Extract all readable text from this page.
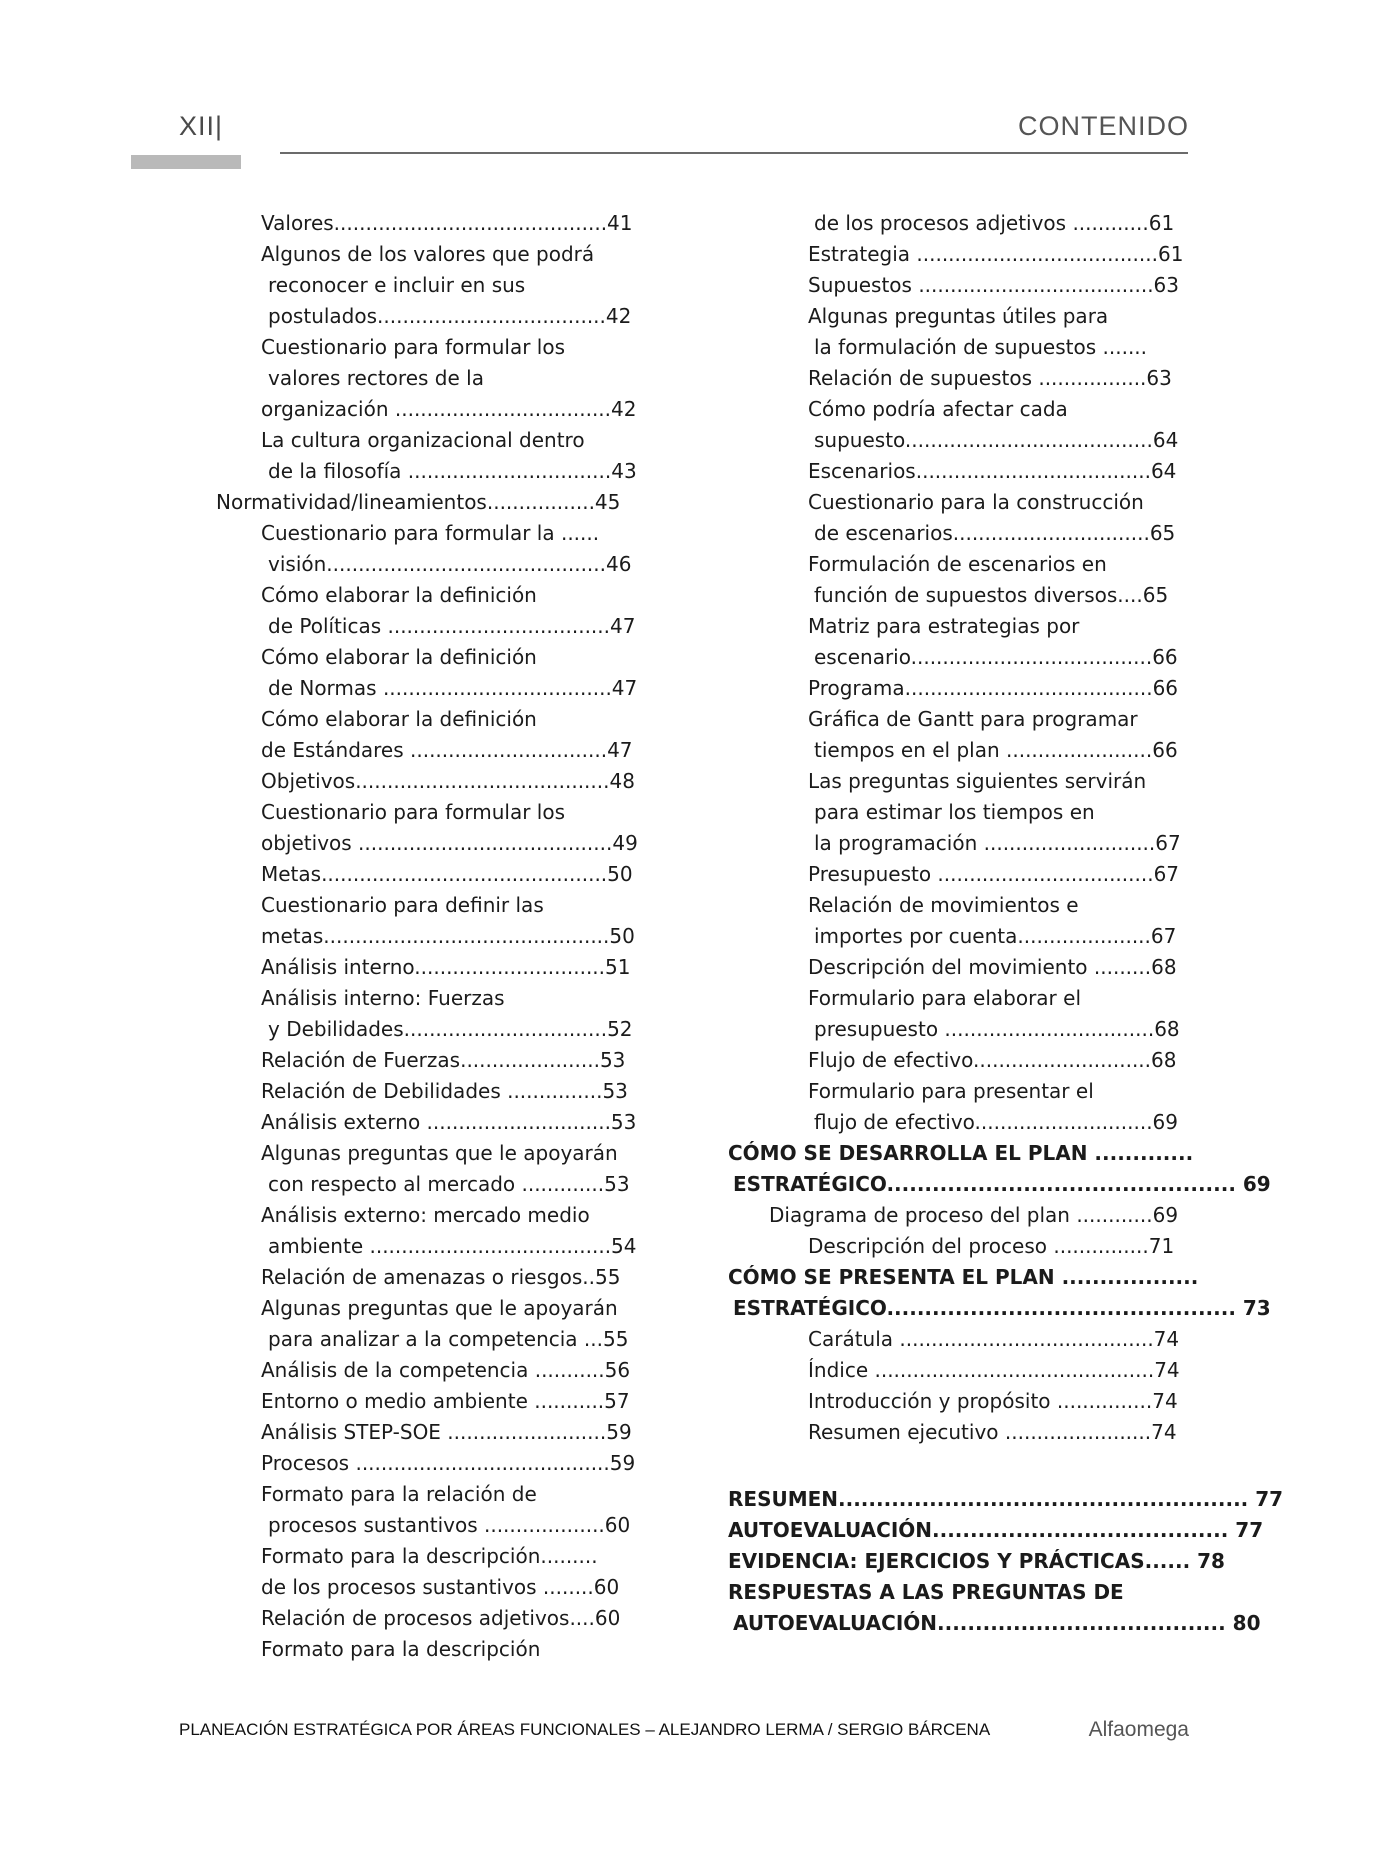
XII|	CONTENIDO
Valores...........................................41
Algunos de los valores que podrá
reconocer e incluir en sus
postulados....................................42
Cuestionario para formular los
valores rectores de la
organización ..................................42
La cultura organizacional dentro
de la filosofía ................................43
Normatividad/lineamientos.................45
Cuestionario para formular la ......
visión............................................46
Cómo elaborar la definición
de Políticas ...................................47
Cómo elaborar la definición
de Normas ....................................47
Cómo elaborar la definición
de Estándares ...............................47
Objetivos........................................48
Cuestionario para formular los
objetivos ........................................49
Metas.............................................50
Cuestionario para definir las
metas.............................................50
Análisis interno..............................51
Análisis interno: Fuerzas
y Debilidades................................52
Relación de Fuerzas......................53
Relación de Debilidades ...............53
Análisis externo .............................53
Algunas preguntas que le apoyarán
con respecto al mercado .............53
Análisis externo: mercado medio
ambiente ......................................54
Relación de amenazas o riesgos..55
Algunas preguntas que le apoyarán
para analizar a la competencia ...55
Análisis de la competencia ...........56
Entorno o medio ambiente ...........57
Análisis STEP-SOE .........................59
Procesos ........................................59
Formato para la relación de
procesos sustantivos ...................60
Formato para la descripción.........
de los procesos sustantivos ........60
Relación de procesos adjetivos....60
Formato para la descripción
de los procesos adjetivos ............61
Estrategia ......................................61
Supuestos .....................................63
Algunas preguntas útiles para
la formulación de supuestos .......
Relación de supuestos .................63
Cómo podría afectar cada
supuesto.......................................64
Escenarios.....................................64
Cuestionario para la construcción
de escenarios...............................65
Formulación de escenarios en
función de supuestos diversos....65
Matriz para estrategias por
escenario......................................66
Programa.......................................66
Gráfica de Gantt para programar
tiempos en el plan .......................66
Las preguntas siguientes servirán
para estimar los tiempos en
la programación ...........................67
Presupuesto ..................................67
Relación de movimientos e
importes por cuenta.....................67
Descripción del movimiento .........68
Formulario para elaborar el
presupuesto .................................68
Flujo de efectivo............................68
Formulario para presentar el
flujo de efectivo............................69
CÓMO SE DESARROLLA EL PLAN .............
ESTRATÉGICO.............................................. 69
Diagrama de proceso del plan ............69
Descripción del proceso ...............71
CÓMO SE PRESENTA EL PLAN ..................
ESTRATÉGICO.............................................. 73
Carátula ........................................74
Índice ............................................74
Introducción y propósito ...............74
Resumen ejecutivo .......................74
RESUMEN...................................................... 77
AUTOEVALUACIÓN....................................... 77
EVIDENCIA: EJERCICIOS Y PRÁCTICAS...... 78
RESPUESTAS A LAS PREGUNTAS DE
AUTOEVALUACIÓN...................................... 80
PLANEACIÓN ESTRATÉGICA POR ÁREAS FUNCIONALES – ALEJANDRO LERMA / SERGIO BÁRCENA	Alfaomega
